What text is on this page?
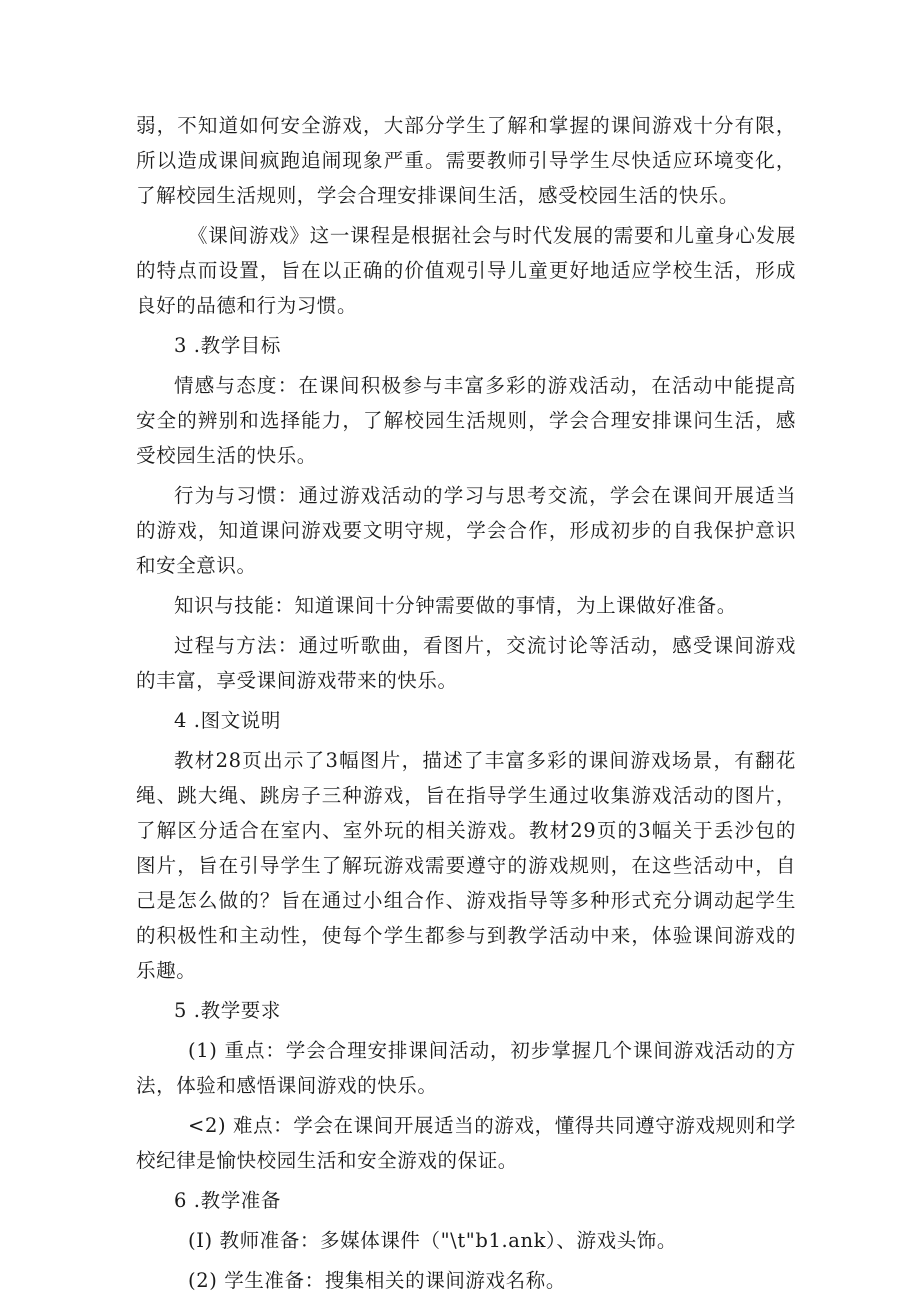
弱，不知道如何安全游戏，大部分学生了解和掌握的课间游戏十分有限，所以造成课间疯跑追闹现象严重。需要教师引导学生尽快适应环境变化，了解校园生活规则，学会合理安排课间生活，感受校园生活的快乐。

《课间游戏》这一课程是根据社会与时代发展的需要和儿童身心发展的特点而设置，旨在以正确的价值观引导儿童更好地适应学校生活，形成良好的品德和行为习惯。

3 .教学目标

情感与态度：在课间积极参与丰富多彩的游戏活动，在活动中能提高安全的辨别和选择能力，了解校园生活规则，学会合理安排课问生活，感受校园生活的快乐。

行为与习惯：通过游戏活动的学习与思考交流，学会在课间开展适当的游戏，知道课问游戏要文明守规，学会合作，形成初步的自我保护意识和安全意识。

知识与技能：知道课间十分钟需要做的事情，为上课做好准备。

过程与方法：通过听歌曲，看图片，交流讨论等活动，感受课间游戏的丰富，享受课间游戏带来的快乐。

4 .图文说明

教材28页出示了3幅图片，描述了丰富多彩的课间游戏场景，有翻花绳、跳大绳、跳房子三种游戏，旨在指导学生通过收集游戏活动的图片，了解区分适合在室内、室外玩的相关游戏。教材29页的3幅关于丢沙包的图片，旨在引导学生了解玩游戏需要遵守的游戏规则，在这些活动中，自己是怎么做的？旨在通过小组合作、游戏指导等多种形式充分调动起学生的积极性和主动性，使每个学生都参与到教学活动中来，体验课间游戏的乐趣。

5 .教学要求

(1) 重点：学会合理安排课间活动，初步掌握几个课间游戏活动的方法，体验和感悟课间游戏的快乐。

<2) 难点：学会在课间开展适当的游戏，懂得共同遵守游戏规则和学校纪律是愉快校园生活和安全游戏的保证。

6 .教学准备

(I) 教师准备：多媒体课件（"\t"b1.ank）、游戏头饰。

(2) 学生准备：搜集相关的课间游戏名称。
